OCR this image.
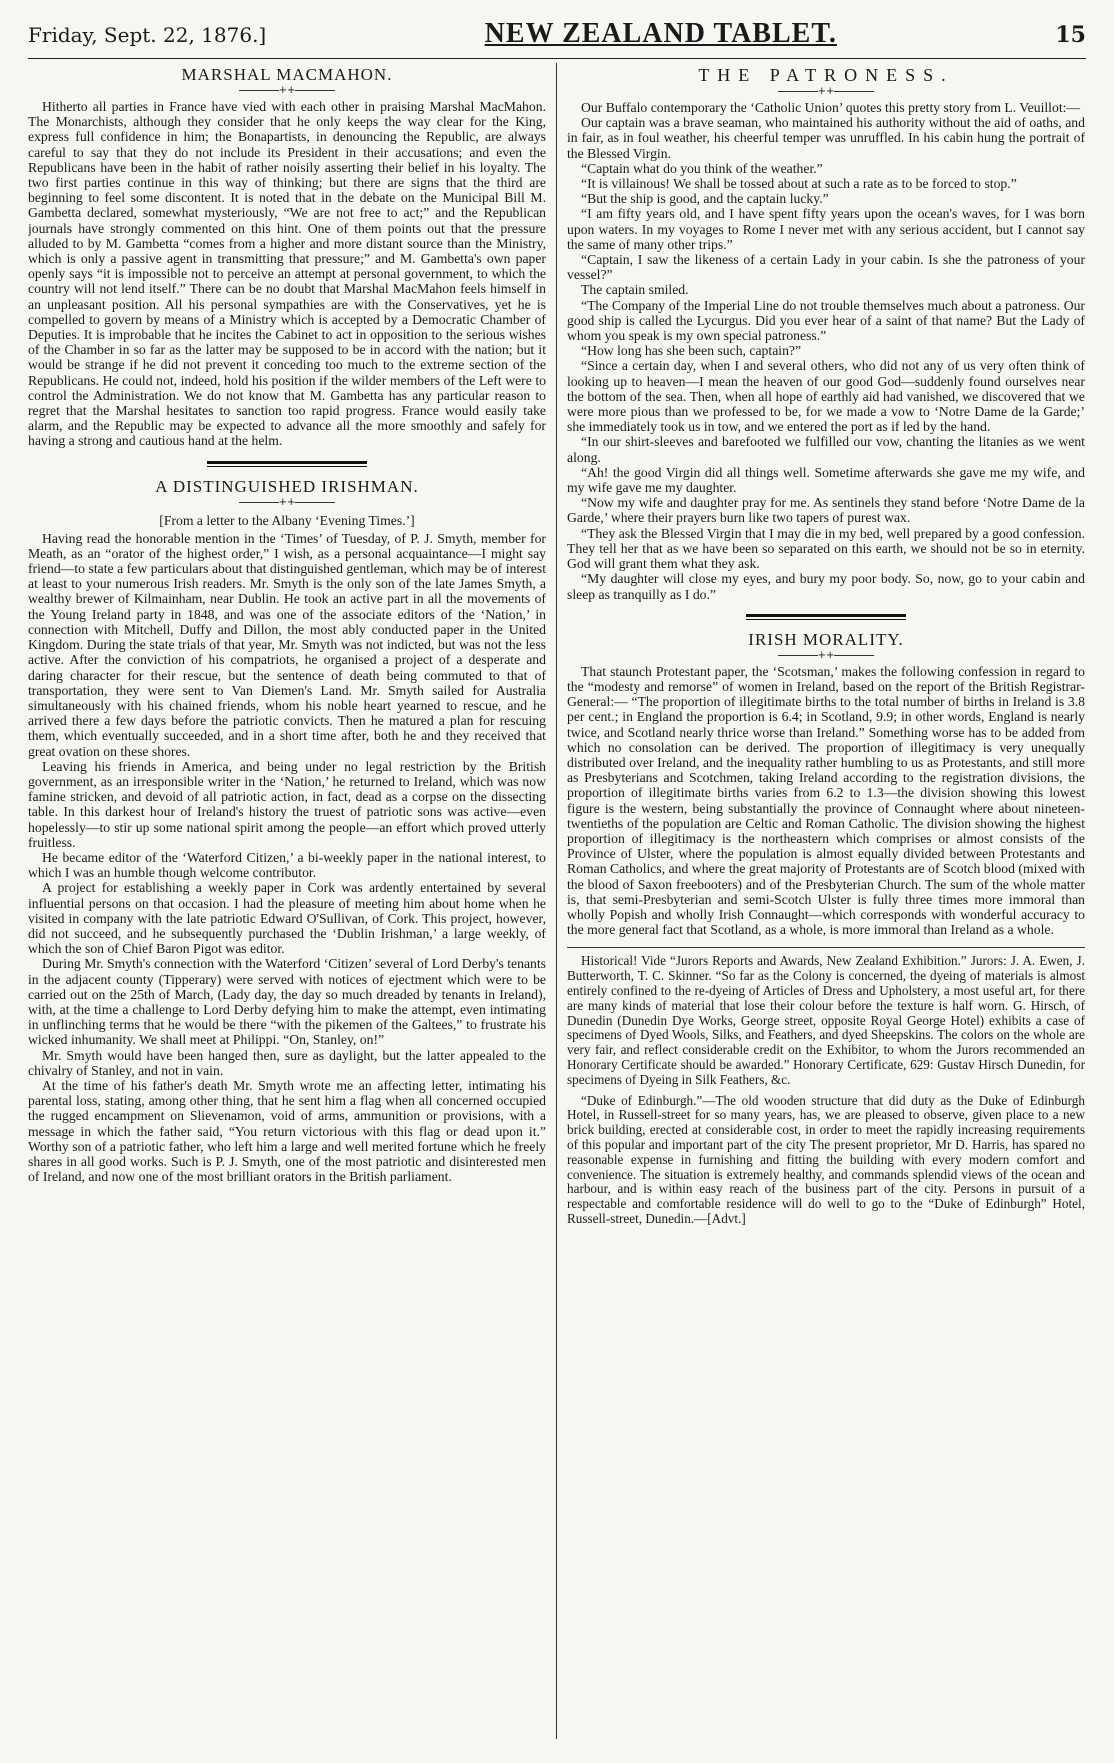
Friday, Sept. 22, 1876.]	NEW ZEALAND TABLET.	15
MARSHAL MACMAHON.
++

Hitherto all parties in France have vied with each other in praising Marshal MacMahon. The Monarchists, although they consider that he only keeps the way clear for the King, express full confidence in him; the Bonapartists, in denouncing the Republic, are always careful to say that they do not include its President in their accusations; and even the Republicans have been in the habit of rather noisily asserting their belief in his loyalty. The two first parties continue in this way of thinking; but there are signs that the third are beginning to feel some discontent. It is noted that in the debate on the Municipal Bill M. Gambetta declared, somewhat mysteriously, “We are not free to act;” and the Republican journals have strongly commented on this hint. One of them points out that the pressure alluded to by M. Gambetta “comes from a higher and more distant source than the Ministry, which is only a passive agent in transmitting that pressure;” and M. Gambetta's own paper openly says “it is impossible not to perceive an attempt at personal government, to which the country will not lend itself.” There can be no doubt that Marshal MacMahon feels himself in an unpleasant position. All his personal sympathies are with the Conservatives, yet he is compelled to govern by means of a Ministry which is accepted by a Democratic Chamber of Deputies. It is improbable that he incites the Cabinet to act in opposition to the serious wishes of the Chamber in so far as the latter may be supposed to be in accord with the nation; but it would be strange if he did not prevent it conceding too much to the extreme section of the Republicans. He could not, indeed, hold his position if the wilder members of the Left were to control the Administration. We do not know that M. Gambetta has any particular reason to regret that the Marshal hesitates to sanction too rapid progress. France would easily take alarm, and the Republic may be expected to advance all the more smoothly and safely for having a strong and cautious hand at the helm.

A DISTINGUISHED IRISHMAN.
++
[From a letter to the Albany ‘Evening Times.’]

Having read the honorable mention in the ‘Times’ of Tuesday, of P. J. Smyth, member for Meath, as an “orator of the highest order,” I wish, as a personal acquaintance—I might say friend—to state a few particulars about that distinguished gentleman, which may be of interest at least to your numerous Irish readers. Mr. Smyth is the only son of the late James Smyth, a wealthy brewer of Kilmainham, near Dublin. He took an active part in all the movements of the Young Ireland party in 1848, and was one of the associate editors of the ‘Nation,’ in connection with Mitchell, Duffy and Dillon, the most ably conducted paper in the United Kingdom. During the state trials of that year, Mr. Smyth was not indicted, but was not the less active. After the conviction of his compatriots, he organised a project of a desperate and daring character for their rescue, but the sentence of death being commuted to that of transportation, they were sent to Van Diemen's Land. Mr. Smyth sailed for Australia simultaneously with his chained friends, whom his noble heart yearned to rescue, and he arrived there a few days before the patriotic convicts. Then he matured a plan for rescuing them, which eventually succeeded, and in a short time after, both he and they received that great ovation on these shores.

Leaving his friends in America, and being under no legal restriction by the British government, as an irresponsible writer in the ‘Nation,’ he returned to Ireland, which was now famine stricken, and devoid of all patriotic action, in fact, dead as a corpse on the dissecting table. In this darkest hour of Ireland's history the truest of patriotic sons was active—even hopelessly—to stir up some national spirit among the people—an effort which proved utterly fruitless.

He became editor of the ‘Waterford Citizen,’ a bi-weekly paper in the national interest, to which I was an humble though welcome contributor.

A project for establishing a weekly paper in Cork was ardently entertained by several influential persons on that occasion. I had the pleasure of meeting him about home when he visited in company with the late patriotic Edward O'Sullivan, of Cork. This project, however, did not succeed, and he subsequently purchased the ‘Dublin Irishman,’ a large weekly, of which the son of Chief Baron Pigot was editor.

During Mr. Smyth's connection with the Waterford ‘Citizen’ several of Lord Derby's tenants in the adjacent county (Tipperary) were served with notices of ejectment which were to be carried out on the 25th of March, (Lady day, the day so much dreaded by tenants in Ireland), with, at the time a challenge to Lord Derby defying him to make the attempt, even intimating in unflinching terms that he would be there “with the pikemen of the Galtees,” to frustrate his wicked inhumanity. We shall meet at Philippi. “On, Stanley, on!”

Mr. Smyth would have been hanged then, sure as daylight, but the latter appealed to the chivalry of Stanley, and not in vain.

At the time of his father's death Mr. Smyth wrote me an affecting letter, intimating his parental loss, stating, among other thing, that he sent him a flag when all concerned occupied the rugged encampment on Slievenamon, void of arms, ammunition or provisions, with a message in which the father said, “You return victorious with this flag or dead upon it.” Worthy son of a patriotic father, who left him a large and well merited fortune which he freely shares in all good works. Such is P. J. Smyth, one of the most patriotic and disinterested men of Ireland, and now one of the most brilliant orators in the British parliament.

THE PATRONESS.
++

Our Buffalo contemporary the ‘Catholic Union’ quotes this pretty story from L. Veuillot:—

Our captain was a brave seaman, who maintained his authority without the aid of oaths, and in fair, as in foul weather, his cheerful temper was unruffled. In his cabin hung the portrait of the Blessed Virgin.

“Captain what do you think of the weather.”

“It is villainous! We shall be tossed about at such a rate as to be forced to stop.”

“But the ship is good, and the captain lucky.”

“I am fifty years old, and I have spent fifty years upon the ocean's waves, for I was born upon waters. In my voyages to Rome I never met with any serious accident, but I cannot say the same of many other trips.”

“Captain, I saw the likeness of a certain Lady in your cabin. Is she the patroness of your vessel?”

The captain smiled.

“The Company of the Imperial Line do not trouble themselves much about a patroness. Our good ship is called the Lycurgus. Did you ever hear of a saint of that name? But the Lady of whom you speak is my own special patroness.”

“How long has she been such, captain?”

“Since a certain day, when I and several others, who did not any of us very often think of looking up to heaven—I mean the heaven of our good God—suddenly found ourselves near the bottom of the sea. Then, when all hope of earthly aid had vanished, we discovered that we were more pious than we professed to be, for we made a vow to ‘Notre Dame de la Garde;’ she immediately took us in tow, and we entered the port as if led by the hand.

“In our shirt-sleeves and barefooted we fulfilled our vow, chanting the litanies as we went along.

“Ah! the good Virgin did all things well. Sometime afterwards she gave me my wife, and my wife gave me my daughter.

“Now my wife and daughter pray for me. As sentinels they stand before ‘Notre Dame de la Garde,’ where their prayers burn like two tapers of purest wax.

“They ask the Blessed Virgin that I may die in my bed, well prepared by a good confession. They tell her that as we have been so separated on this earth, we should not be so in eternity. God will grant them what they ask.

“My daughter will close my eyes, and bury my poor body. So, now, go to your cabin and sleep as tranquilly as I do.”

IRISH MORALITY.
++

That staunch Protestant paper, the ‘Scotsman,’ makes the following confession in regard to the “modesty and remorse” of women in Ireland, based on the report of the British Registrar-General:— “The proportion of illegitimate births to the total number of births in Ireland is 3.8 per cent.; in England the proportion is 6.4; in Scotland, 9.9; in other words, England is nearly twice, and Scotland nearly thrice worse than Ireland.” Something worse has to be added from which no consolation can be derived. The proportion of illegitimacy is very unequally distributed over Ireland, and the inequality rather humbling to us as Protestants, and still more as Presbyterians and Scotchmen, taking Ireland according to the registration divisions, the proportion of illegitimate births varies from 6.2 to 1.3—the division showing this lowest figure is the western, being substantially the province of Connaught where about nineteen-twentieths of the population are Celtic and Roman Catholic. The division showing the highest proportion of illegitimacy is the northeastern which comprises or almost consists of the Province of Ulster, where the population is almost equally divided between Protestants and Roman Catholics, and where the great majority of Protestants are of Scotch blood (mixed with the blood of Saxon freebooters) and of the Presbyterian Church. The sum of the whole matter is, that semi-Presbyterian and semi-Scotch Ulster is fully three times more immoral than wholly Popish and wholly Irish Connaught—which corresponds with wonderful accuracy to the more general fact that Scotland, as a whole, is more immoral than Ireland as a whole.

Historical! Vide “Jurors Reports and Awards, New Zealand Exhibition.” Jurors: J. A. Ewen, J. Butterworth, T. C. Skinner. “So far as the Colony is concerned, the dyeing of materials is almost entirely confined to the re-dyeing of Articles of Dress and Upholstery, a most useful art, for there are many kinds of material that lose their colour before the texture is half worn. G. Hirsch, of Dunedin (Dunedin Dye Works, George street, opposite Royal George Hotel) exhibits a case of specimens of Dyed Wools, Silks, and Feathers, and dyed Sheepskins. The colors on the whole are very fair, and reflect considerable credit on the Exhibitor, to whom the Jurors recommended an Honorary Certificate should be awarded.” Honorary Certificate, 629: Gustav Hirsch Dunedin, for specimens of Dyeing in Silk Feathers, &c.

“Duke of Edinburgh.”—The old wooden structure that did duty as the Duke of Edinburgh Hotel, in Russell-street for so many years, has, we are pleased to observe, given place to a new brick building, erected at considerable cost, in order to meet the rapidly increasing requirements of this popular and important part of the city The present proprietor, Mr D. Harris, has spared no reasonable expense in furnishing and fitting the building with every modern comfort and convenience. The situation is extremely healthy, and commands splendid views of the ocean and harbour, and is within easy reach of the business part of the city. Persons in pursuit of a respectable and comfortable residence will do well to go to the “Duke of Edinburgh” Hotel, Russell-street, Dunedin.—[Advt.]
